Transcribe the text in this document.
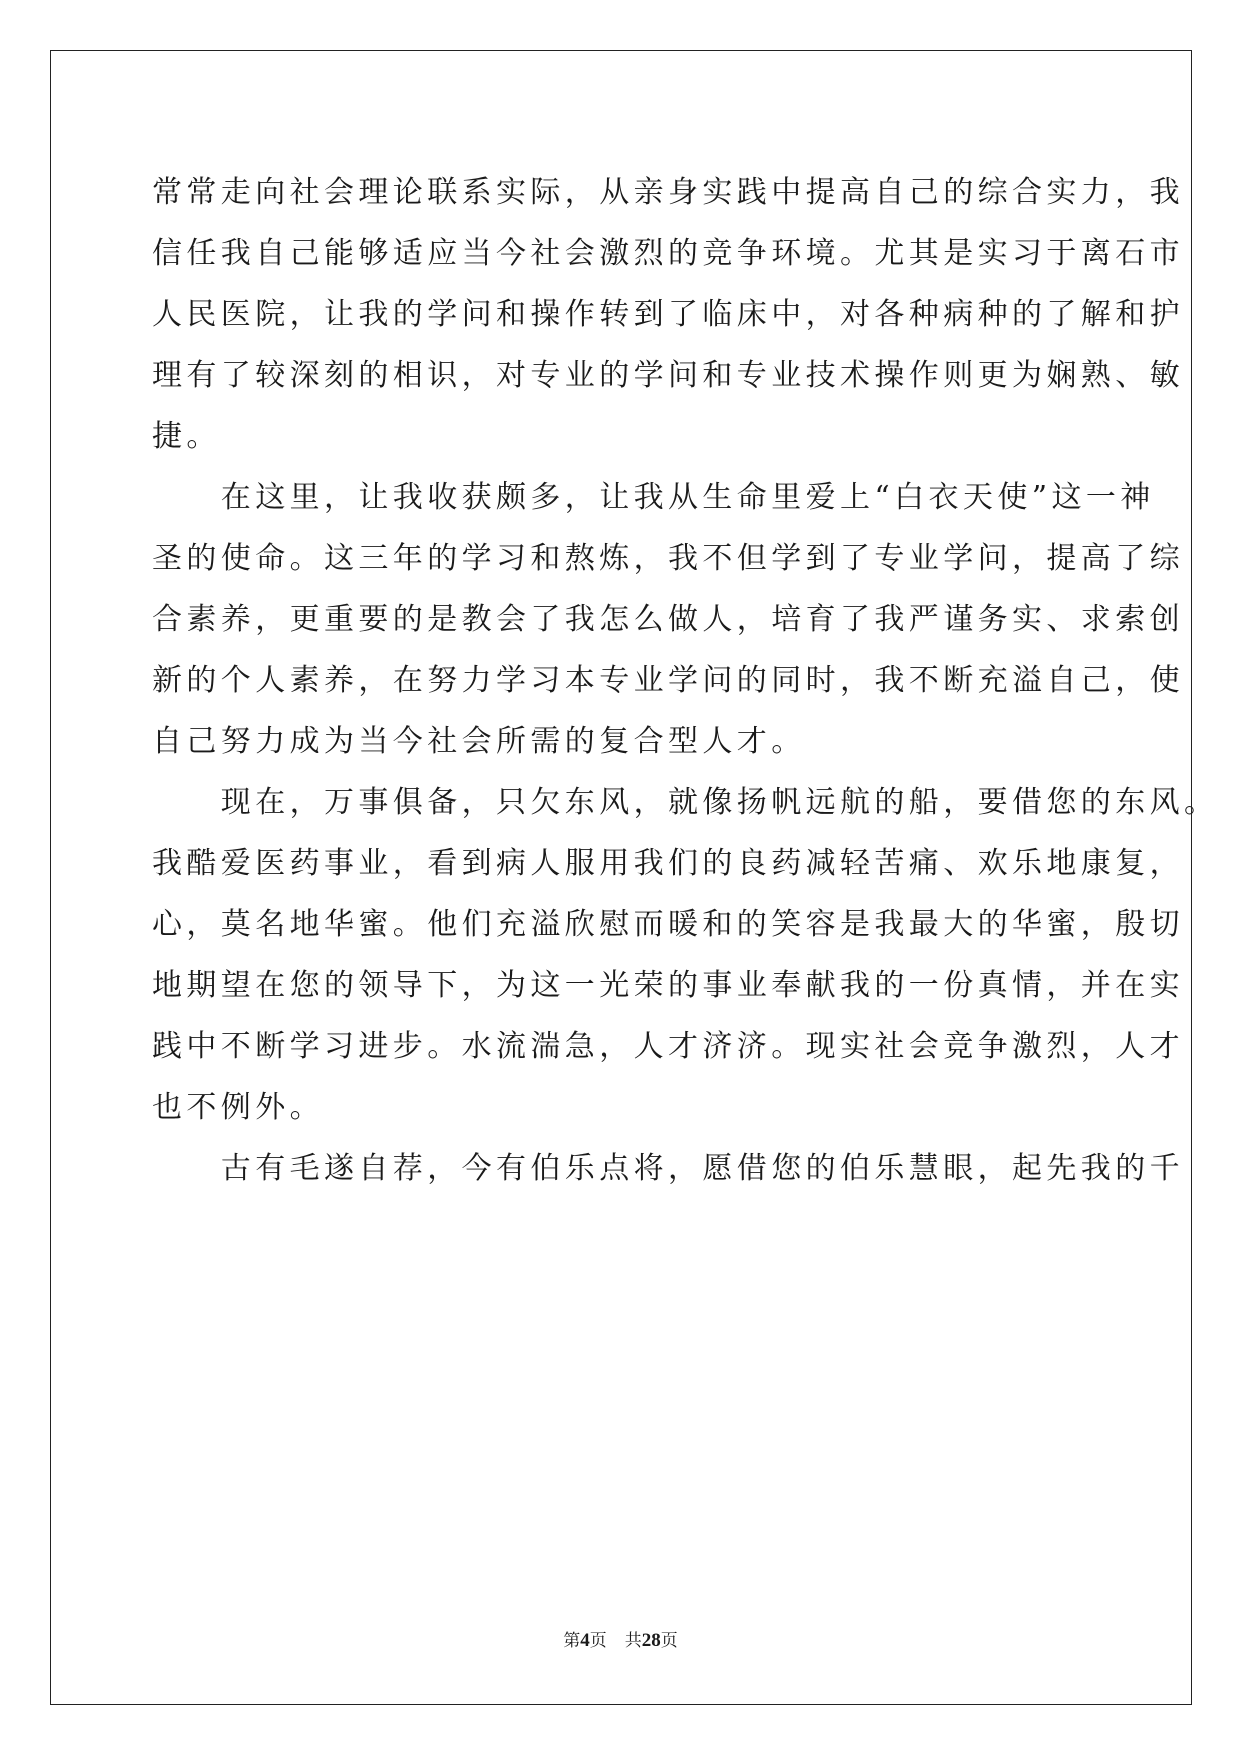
常常走向社会理论联系实际，从亲身实践中提高自己的综合实力，我
信任我自己能够适应当今社会激烈的竞争环境。尤其是实习于离石市
人民医院，让我的学问和操作转到了临床中，对各种病种的了解和护
理有了较深刻的相识，对专业的学问和专业技术操作则更为娴熟、敏
捷。
　　在这里，让我收获颇多，让我从生命里爱上“白衣天使”这一神
圣的使命。这三年的学习和熬炼，我不但学到了专业学问，提高了综
合素养，更重要的是教会了我怎么做人，培育了我严谨务实、求索创
新的个人素养，在努力学习本专业学问的同时，我不断充溢自己，使
自己努力成为当今社会所需的复合型人才。
　　现在，万事俱备，只欠东风，就像扬帆远航的船，要借您的东风。
我酷爱医药事业，看到病人服用我们的良药减轻苦痛、欢乐地康复，
心，莫名地华蜜。他们充溢欣慰而暖和的笑容是我最大的华蜜，殷切
地期望在您的领导下，为这一光荣的事业奉献我的一份真情，并在实
践中不断学习进步。水流湍急，人才济济。现实社会竞争激烈，人才
也不例外。
　　古有毛遂自荐，今有伯乐点将，愿借您的伯乐慧眼，起先我的千
第4页 共28页
